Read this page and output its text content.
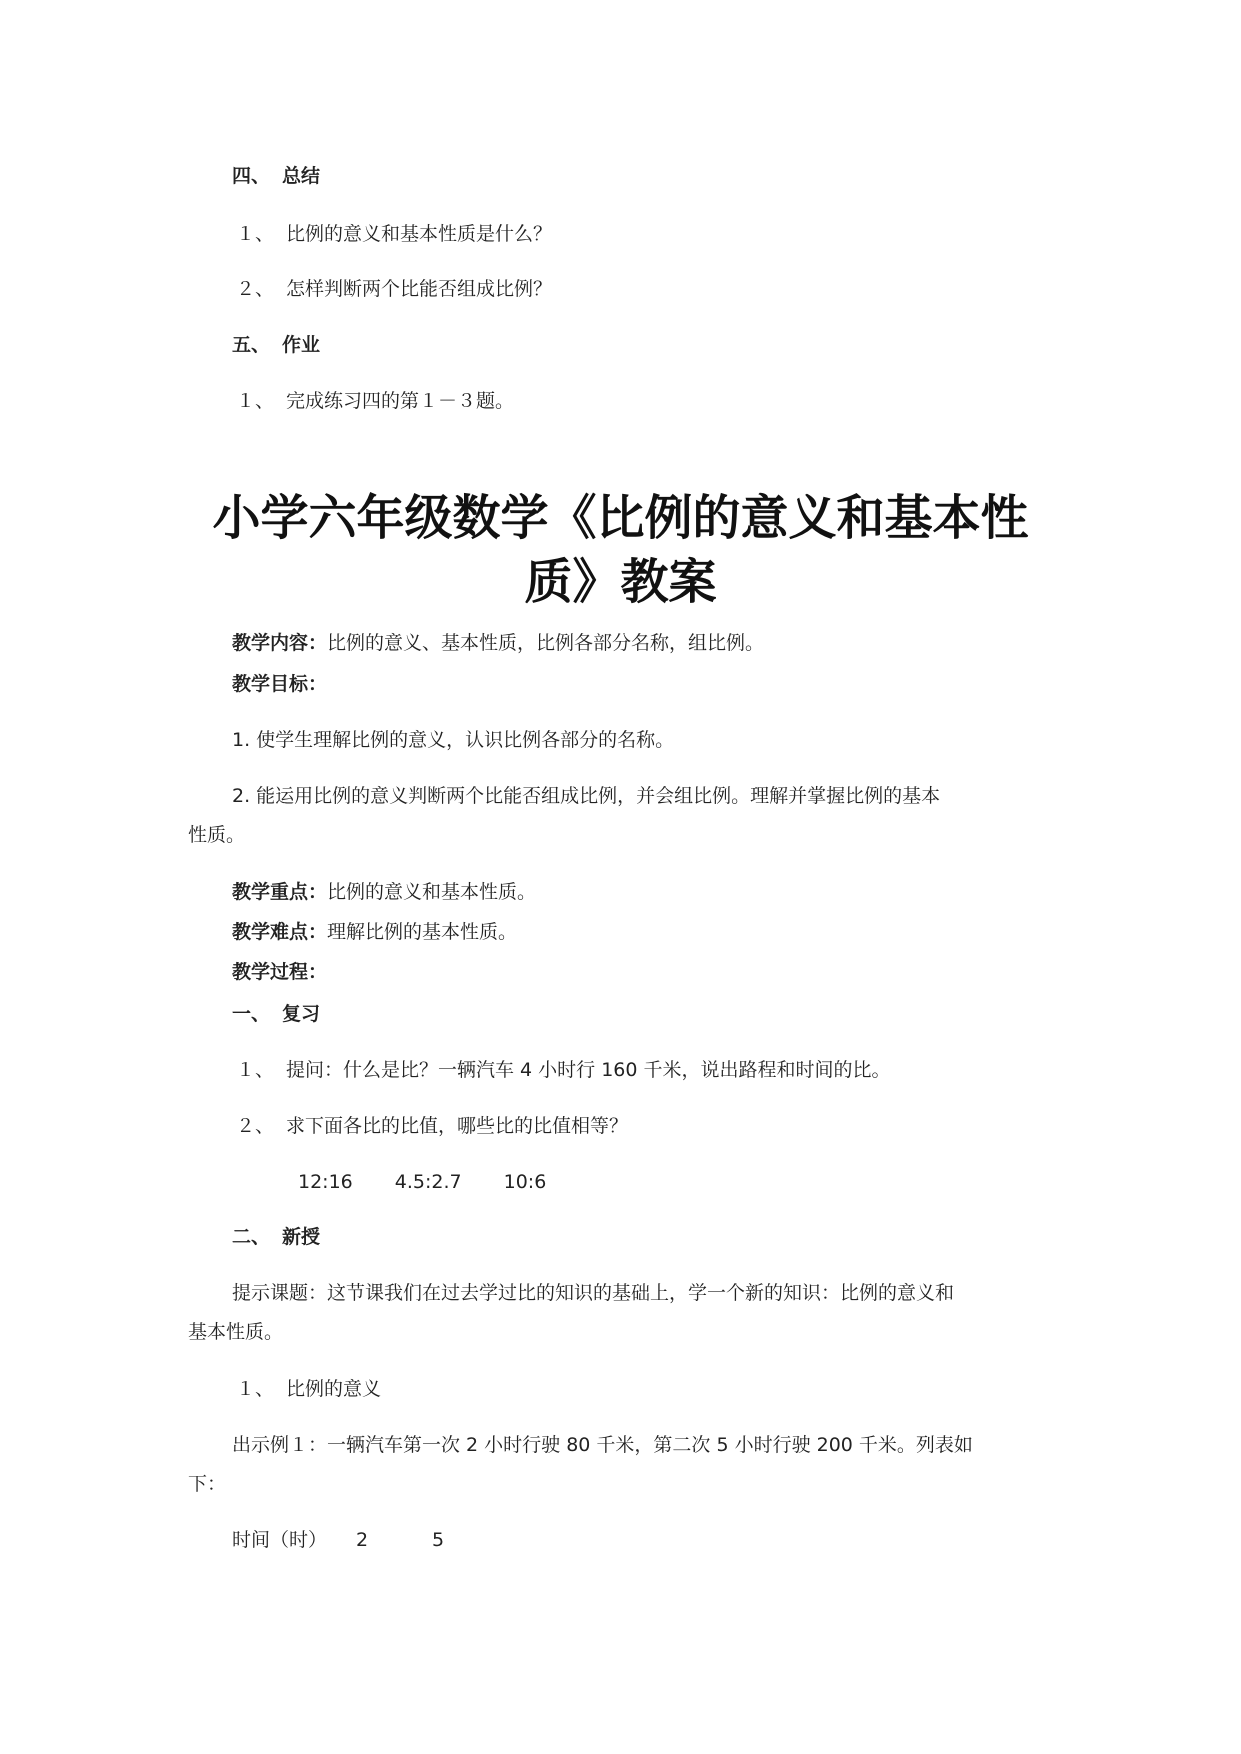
四、 总结
１、 比例的意义和基本性质是什么？
２、 怎样判断两个比能否组成比例？
五、 作业
１、 完成练习四的第１－３题。
小学六年级数学《比例的意义和基本性
质》教案
教学内容：比例的意义、基本性质，比例各部分名称，组比例。
教学目标：
1. 使学生理解比例的意义，认识比例各部分的名称。
2. 能运用比例的意义判断两个比能否组成比例，并会组比例。理解并掌握比例的基本
性质。
教学重点：比例的意义和基本性质。
教学难点：理解比例的基本性质。
教学过程：
一、 复习
１、 提问：什么是比？一辆汽车 4 小时行 160 千米，说出路程和时间的比。
２、 求下面各比的比值，哪些比的比值相等？
12:16 4.5:2.7 10:6
二、 新授
提示课题：这节课我们在过去学过比的知识的基础上，学一个新的知识：比例的意义和
基本性质。
１、 比例的意义
出示例１：一辆汽车第一次 2 小时行驶 80 千米，第二次 5 小时行驶 200 千米。列表如
下：
时间（时） 2	5
